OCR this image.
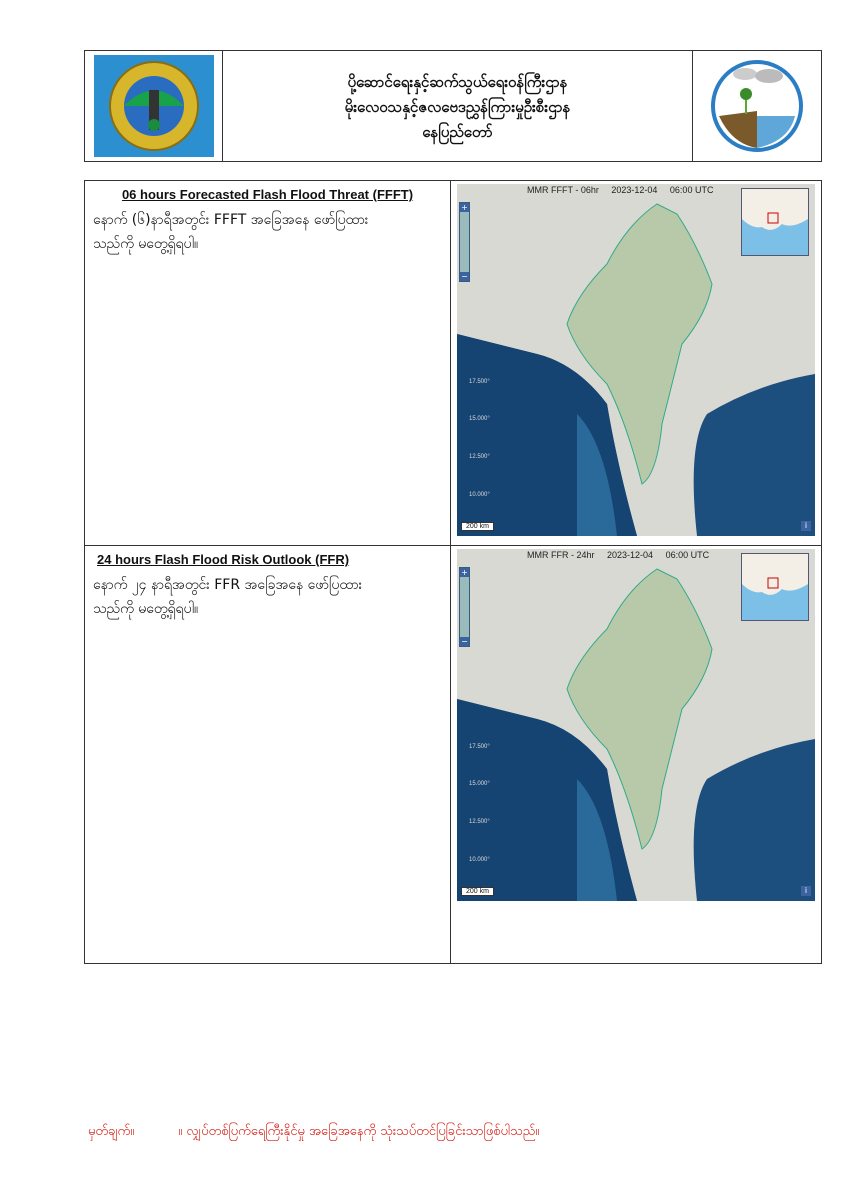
ပို့ဆောင်ရေးနှင့်ဆက်သွယ်ရေးဝန်ကြီးဌာန
မိုးလေဝသနှင့်ဇလဗေဒညွှန်ကြားမှုဦးစီးဌာန
နေပြည်တော်
06 hours Forecasted Flash Flood Threat (FFFT)
နောက် (၆)နာရီအတွင်း FFFT အခြေအနေ ဖော်ပြထား
သည်ကို မတွေ့ရှိရပါ။
MMR FFFT - 06hr 2023-12-04 06:00 UTC
+
−
17.500°
15.000°
12.500°
10.000°
200 km	i
24 hours Flash Flood Risk Outlook (FFR)
နောက် ၂၄ နာရီအတွင်း FFR အခြေအနေ ဖော်ပြထား
သည်ကို မတွေ့ရှိရပါ။
MMR FFR - 24hr 2023-12-04 06:00 UTC
+
−
17.500°
15.000°
12.500°
10.000°
200 km	i
မှတ်ချက်။	။ လျှပ်တစ်ပြက်ရေကြီးနိုင်မှု အခြေအနေကို သုံးသပ်တင်ပြခြင်းသာဖြစ်ပါသည်။
